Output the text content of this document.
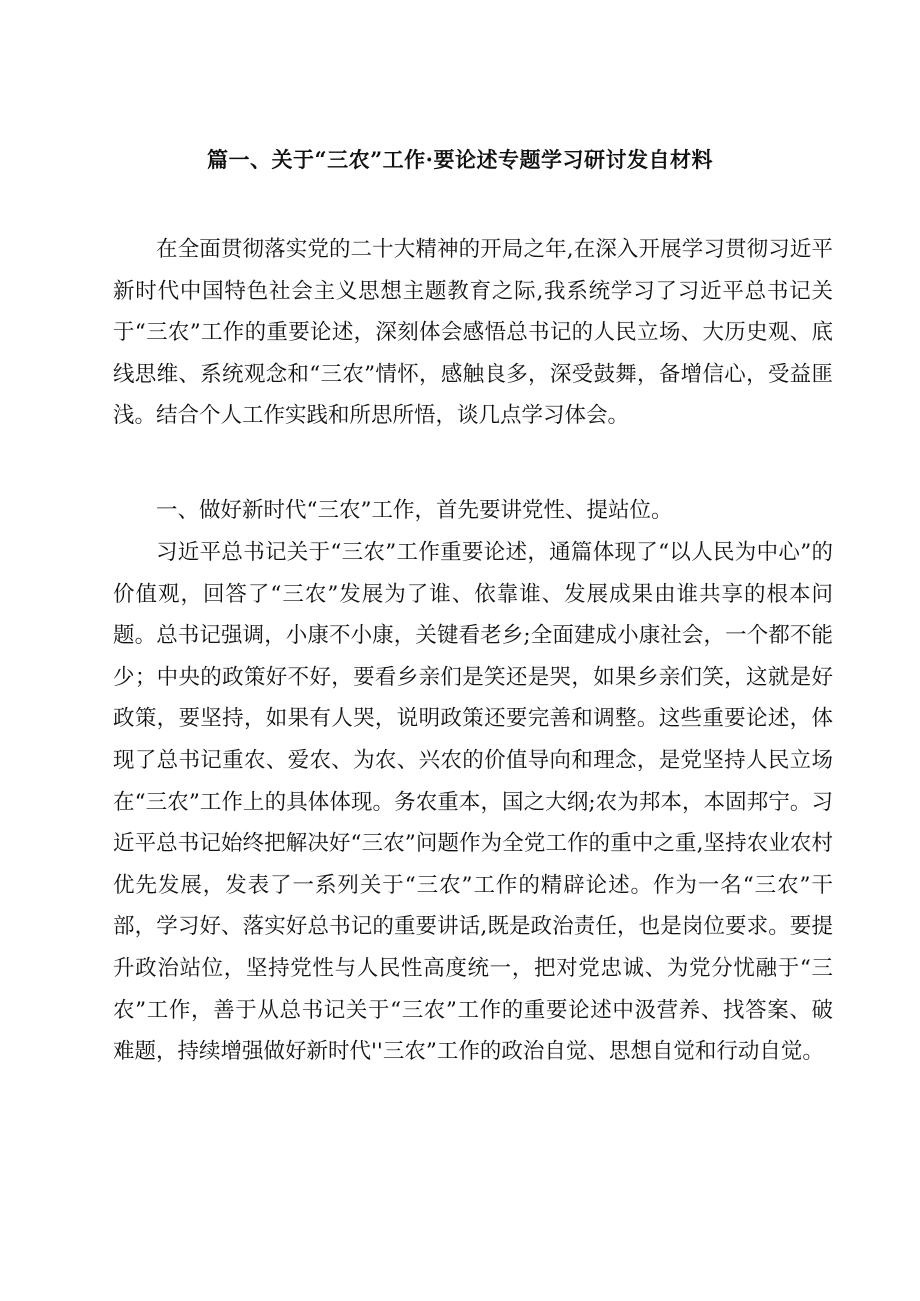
篇一、关于“三农”工作·要论述专题学习研讨发自材料

在全面贯彻落实党的二十大精神的开局之年,在深入开展学习贯彻习近平新时代中国特色社会主义思想主题教育之际,我系统学习了习近平总书记关于“三农”工作的重要论述，深刻体会感悟总书记的人民立场、大历史观、底线思维、系统观念和“三农”情怀，感触良多，深受鼓舞，备增信心，受益匪浅。结合个人工作实践和所思所悟，谈几点学习体会。

一、做好新时代“三农”工作，首先要讲党性、提站位。

习近平总书记关于“三农”工作重要论述，通篇体现了“以人民为中心”的价值观，回答了“三农”发展为了谁、依靠谁、发展成果由谁共享的根本问题。总书记强调，小康不小康，关键看老乡;全面建成小康社会，一个都不能少；中央的政策好不好，要看乡亲们是笑还是哭，如果乡亲们笑，这就是好政策，要坚持，如果有人哭，说明政策还要完善和调整。这些重要论述，体现了总书记重农、爱农、为农、兴农的价值导向和理念，是党坚持人民立场在“三农”工作上的具体体现。务农重本，国之大纲;农为邦本，本固邦宁。习近平总书记始终把解决好“三农”问题作为全党工作的重中之重,坚持农业农村优先发展，发表了一系列关于“三农”工作的精辟论述。作为一名“三农”干部，学习好、落实好总书记的重要讲话,既是政治责任，也是岗位要求。要提升政治站位，坚持党性与人民性高度统一，把对党忠诚、为党分忧融于“三农”工作，善于从总书记关于“三农”工作的重要论述中汲营养、找答案、破难题，持续增强做好新时代''三农”工作的政治自觉、思想自觉和行动自觉。
